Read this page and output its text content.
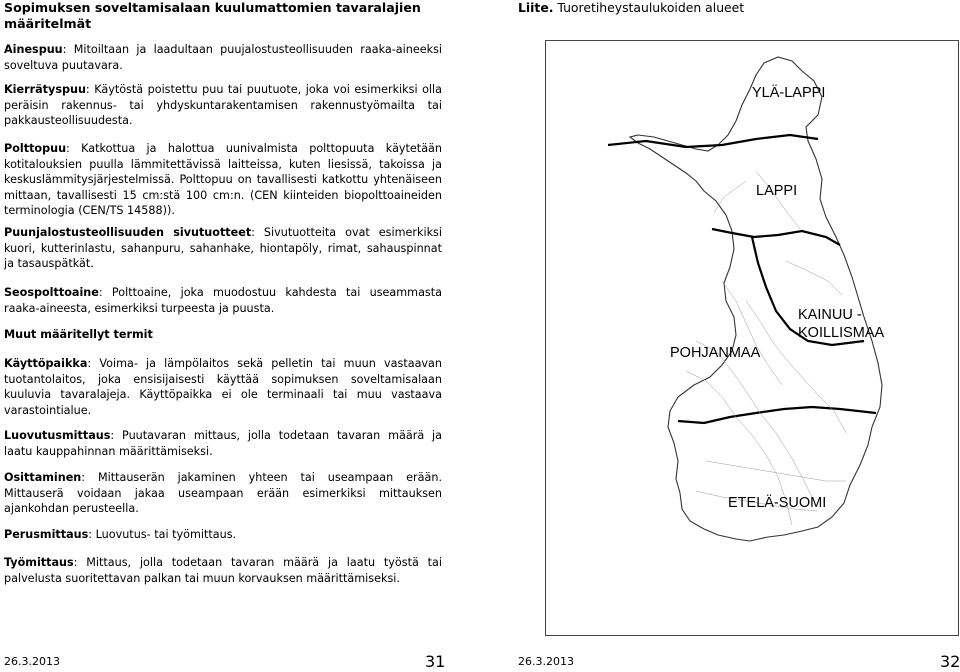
Sopimuksen soveltamisalaan kuulumattomien tavaralajien määritelmät
Ainespuu: Mitoiltaan ja laadultaan puujalostusteollisuuden raaka-aineeksi soveltuva puutavara.
Kierrätyspuu: Käytöstä poistettu puu tai puutuote, joka voi esimerkiksi olla peräisin rakennus- tai yhdyskuntarakentamisen rakennustyömailta tai pakkausteollisuudesta.
Polttopuu: Katkottua ja halottua uunivalmista polttopuuta käytetään kotitalouksien puulla lämmitettävissä laitteissa, kuten liesissä, takoissa ja keskuslämmitysjärjestelmissä. Polttopuu on tavallisesti katkottu yhtenäiseen mittaan, tavallisesti 15 cm:stä 100 cm:n. (CEN kiinteiden biopolttoaineiden terminologia (CEN/TS 14588)).
Puunjalostusteollisuuden sivutuotteet: Sivutuotteita ovat esimerkiksi kuori, kutterinlastu, sahanpuru, sahanhake, hiontapöly, rimat, sahauspinnat ja tasauspätkät.
Seospolttoaine: Polttoaine, joka muodostuu kahdesta tai useammasta raaka-aineesta, esimerkiksi turpeesta ja puusta.
Muut määritellyt termit
Käyttöpaikka: Voima- ja lämpölaitos sekä pelletin tai muun vastaavan tuotantolaitos, joka ensisijaisesti käyttää sopimuksen soveltamisalaan kuuluvia tavaralajeja. Käyttöpaikka ei ole terminaali tai muu vastaava varastointialue.
Luovutusmittaus: Puutavaran mittaus, jolla todetaan tavaran määrä ja laatu kauppahinnan määrittämiseksi.
Osittaminen: Mittauserän jakaminen yhteen tai useampaan erään. Mittauserä voidaan jakaa useampaan erään esimerkiksi mittauksen ajankohdan perusteella.
Perusmittaus: Luovutus- tai työmittaus.
Työmittaus: Mittaus, jolla todetaan tavaran määrä ja laatu työstä tai palvelusta suoritettavan palkan tai muun korvauksen määrittämiseksi.
26.3.2013	31
Liite. Tuoretiheystaulukoiden alueet
26.3.2013	32
YLÄ-LAPPI
LAPPI
KAINUU - KOILLISMAA
POHJANMAA
ETELÄ-SUOMI
